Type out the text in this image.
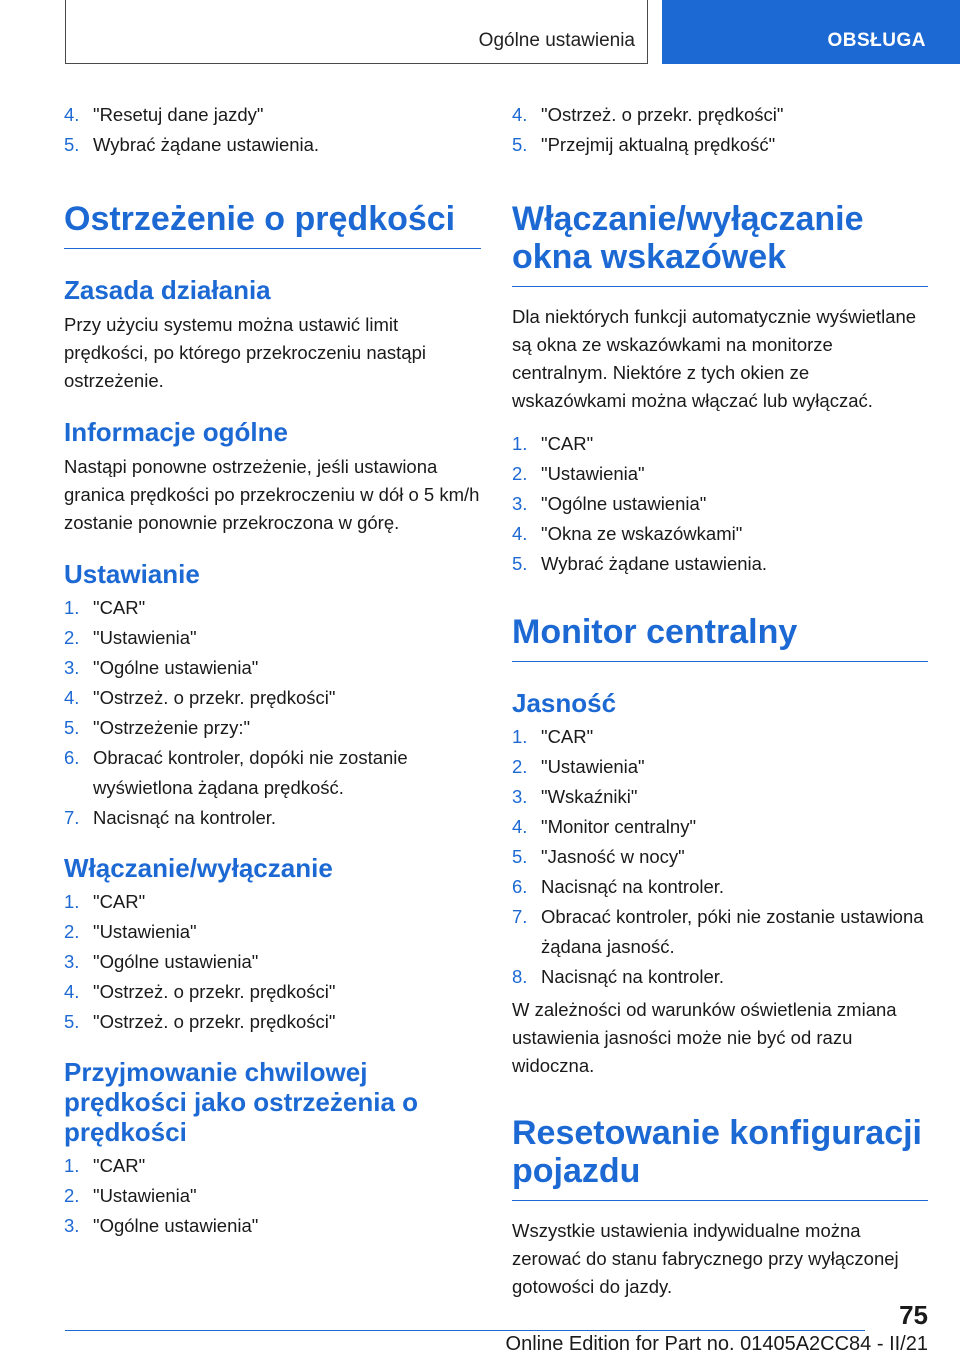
Ogólne ustawienia	OBSŁUGA
4. "Resetuj dane jazdy"
5. Wybrać żądane ustawienia.
Ostrzeżenie o prędkości
Zasada działania

Przy użyciu systemu można ustawić limit prędkości, po którego przekroczeniu nastąpi ostrzeżenie.

Informacje ogólne

Nastąpi ponowne ostrzeżenie, jeśli ustawiona granica prędkości po przekroczeniu w dół o 5 km/h zostanie ponownie przekroczona w górę.

Ustawianie
1. "CAR"
2. "Ustawienia"
3. "Ogólne ustawienia"
4. "Ostrzeż. o przekr. prędkości"
5. "Ostrzeżenie przy:"
6. Obracać kontroler, dopóki nie zostanie wyświetlona żądana prędkość.
7. Nacisnąć na kontroler.
Włączanie/wyłączanie
1. "CAR"
2. "Ustawienia"
3. "Ogólne ustawienia"
4. "Ostrzeż. o przekr. prędkości"
5. "Ostrzeż. o przekr. prędkości"
Przyjmowanie chwilowej prędkości jako ostrzeżenia o prędkości
1. "CAR"
2. "Ustawienia"
3. "Ogólne ustawienia"
4. "Ostrzeż. o przekr. prędkości"
5. "Przejmij aktualną prędkość"
Włączanie/wyłączanie okna wskazówek

Dla niektórych funkcji automatycznie wyświetlane są okna ze wskazówkami na monitorze centralnym. Niektóre z tych okien ze wskazówkami można włączać lub wyłączać.

1. "CAR"
2. "Ustawienia"
3. "Ogólne ustawienia"
4. "Okna ze wskazówkami"
5. Wybrać żądane ustawienia.
Monitor centralny
Jasność
1. "CAR"
2. "Ustawienia"
3. "Wskaźniki"
4. "Monitor centralny"
5. "Jasność w nocy"
6. Nacisnąć na kontroler.
7. Obracać kontroler, póki nie zostanie ustawiona żądana jasność.
8. Nacisnąć na kontroler.

W zależności od warunków oświetlenia zmiana ustawienia jasności może nie być od razu widoczna.

Resetowanie konfiguracji pojazdu

Wszystkie ustawienia indywidualne można zerować do stanu fabrycznego przy wyłączonej gotowości do jazdy.

75
Online Edition for Part no. 01405A2CC84 - II/21
